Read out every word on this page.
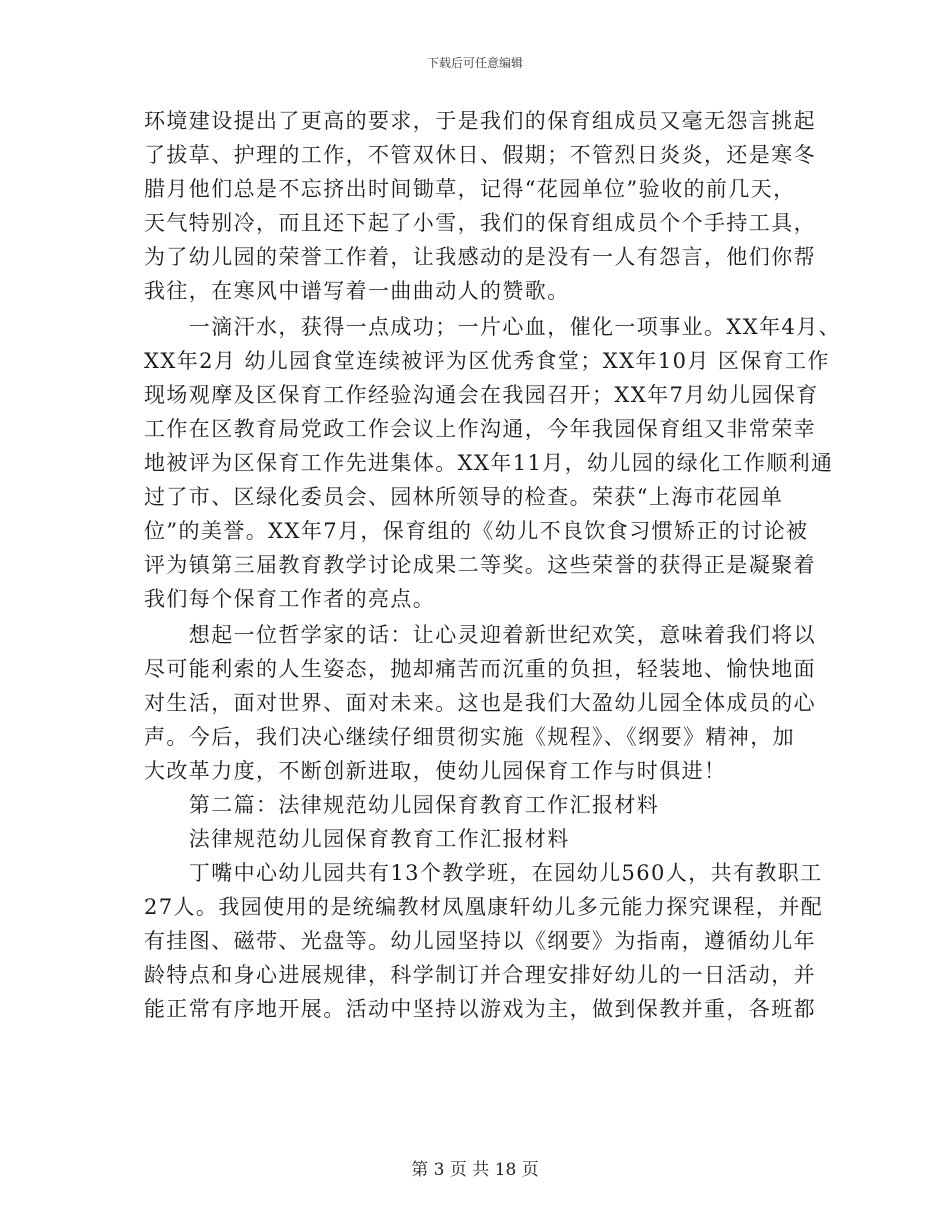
下载后可任意编辑
环境建设提出了更高的要求，于是我们的保育组成员又毫无怨言挑起
了拔草、护理的工作，不管双休日、假期；不管烈日炎炎，还是寒冬
腊月他们总是不忘挤出时间锄草，记得“花园单位”验收的前几天，
天气特别冷，而且还下起了小雪，我们的保育组成员个个手持工具，
为了幼儿园的荣誉工作着，让我感动的是没有一人有怨言，他们你帮
我往，在寒风中谱写着一曲曲动人的赞歌。
　　一滴汗水，获得一点成功；一片心血，催化一项事业。XX年4月、
XX年2月 幼儿园食堂连续被评为区优秀食堂；XX年10月 区保育工作
现场观摩及区保育工作经验沟通会在我园召开；XX年7月幼儿园保育
工作在区教育局党政工作会议上作沟通，今年我园保育组又非常荣幸
地被评为区保育工作先进集体。XX年11月，幼儿园的绿化工作顺利通
过了市、区绿化委员会、园林所领导的检查。荣获“上海市花园单
位”的美誉。XX年7月，保育组的《幼儿不良饮食习惯矫正的讨论被
评为镇第三届教育教学讨论成果二等奖。这些荣誉的获得正是凝聚着
我们每个保育工作者的亮点。
　　想起一位哲学家的话：让心灵迎着新世纪欢笑，意味着我们将以
尽可能利索的人生姿态，抛却痛苦而沉重的负担，轻装地、愉快地面
对生活，面对世界、面对未来。这也是我们大盈幼儿园全体成员的心
声。今后，我们决心继续仔细贯彻实施《规程》、《纲要》精神，加
大改革力度，不断创新进取，使幼儿园保育工作与时俱进！
　　第二篇：法律规范幼儿园保育教育工作汇报材料
　　法律规范幼儿园保育教育工作汇报材料
　　丁嘴中心幼儿园共有13个教学班，在园幼儿560人，共有教职工
27人。我园使用的是统编教材凤凰康轩幼儿多元能力探究课程，并配
有挂图、磁带、光盘等。幼儿园坚持以《纲要》为指南，遵循幼儿年
龄特点和身心进展规律，科学制订并合理安排好幼儿的一日活动，并
能正常有序地开展。活动中坚持以游戏为主，做到保教并重，各班都
第 3 页 共 18 页
